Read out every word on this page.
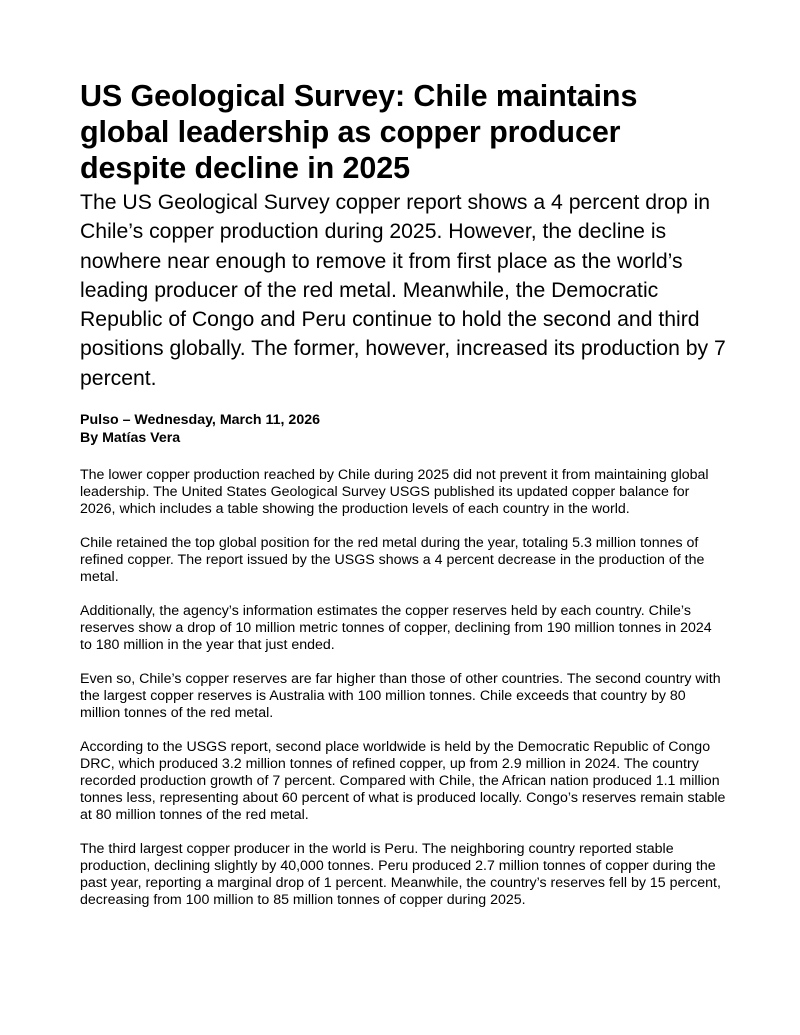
US Geological Survey: Chile maintains global leadership as copper producer despite decline in 2025

The US Geological Survey copper report shows a 4 percent drop in Chile’s copper production during 2025. However, the decline is nowhere near enough to remove it from first place as the world’s leading producer of the red metal. Meanwhile, the Democratic Republic of Congo and Peru continue to hold the second and third positions globally. The former, however, increased its production by 7 percent.

Pulso – Wednesday, March 11, 2026
By Matías Vera

The lower copper production reached by Chile during 2025 did not prevent it from maintaining global leadership. The United States Geological Survey USGS published its updated copper balance for 2026, which includes a table showing the production levels of each country in the world.

Chile retained the top global position for the red metal during the year, totaling 5.3 million tonnes of refined copper. The report issued by the USGS shows a 4 percent decrease in the production of the metal.

Additionally, the agency’s information estimates the copper reserves held by each country. Chile’s reserves show a drop of 10 million metric tonnes of copper, declining from 190 million tonnes in 2024 to 180 million in the year that just ended.

Even so, Chile’s copper reserves are far higher than those of other countries. The second country with the largest copper reserves is Australia with 100 million tonnes. Chile exceeds that country by 80 million tonnes of the red metal.

According to the USGS report, second place worldwide is held by the Democratic Republic of Congo DRC, which produced 3.2 million tonnes of refined copper, up from 2.9 million in 2024. The country recorded production growth of 7 percent. Compared with Chile, the African nation produced 1.1 million tonnes less, representing about 60 percent of what is produced locally. Congo’s reserves remain stable at 80 million tonnes of the red metal.

The third largest copper producer in the world is Peru. The neighboring country reported stable production, declining slightly by 40,000 tonnes. Peru produced 2.7 million tonnes of copper during the past year, reporting a marginal drop of 1 percent. Meanwhile, the country’s reserves fell by 15 percent, decreasing from 100 million to 85 million tonnes of copper during 2025.
